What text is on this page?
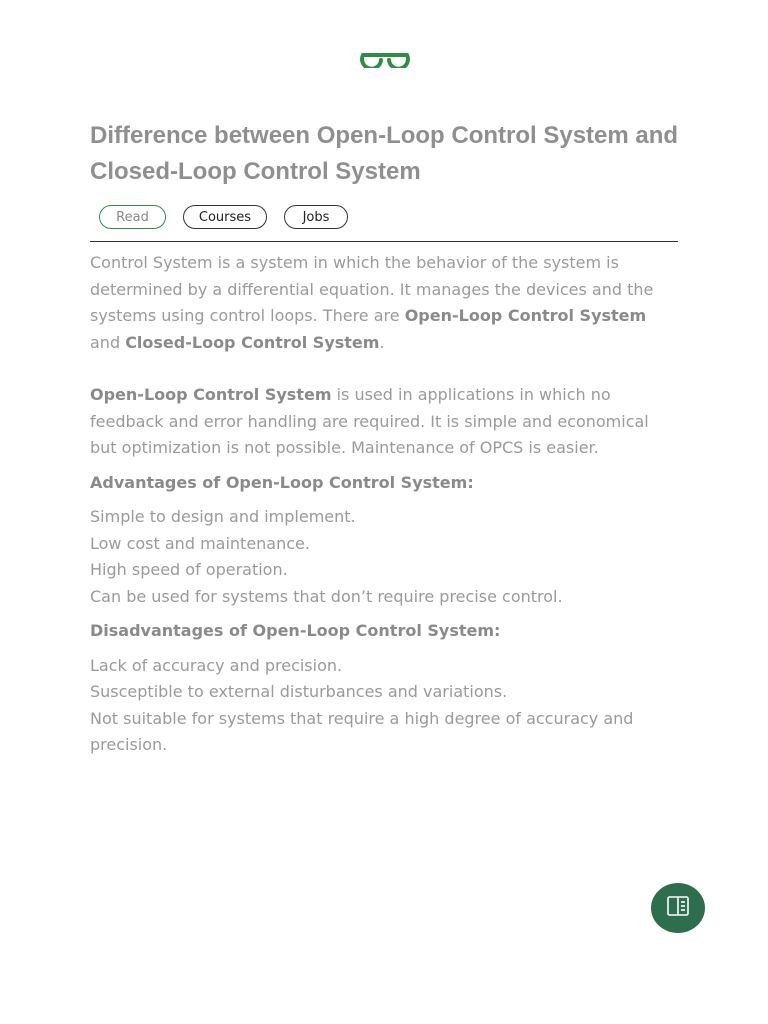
Difference between Open-Loop Control System and Closed-Loop Control System
Read	Courses	Jobs

Control System is a system in which the behavior of the system is determined by a differential equation. It manages the devices and the systems using control loops. There are Open-Loop Control System and Closed-Loop Control System.

Open-Loop Control System is used in applications in which no feedback and error handling are required. It is simple and economical but optimization is not possible. Maintenance of OPCS is easier.

Advantages of Open-Loop Control System:

Simple to design and implement.
Low cost and maintenance.
High speed of operation.
Can be used for systems that don’t require precise control.

Disadvantages of Open-Loop Control System:

Lack of accuracy and precision.
Susceptible to external disturbances and variations.
Not suitable for systems that require a high degree of accuracy and precision.
